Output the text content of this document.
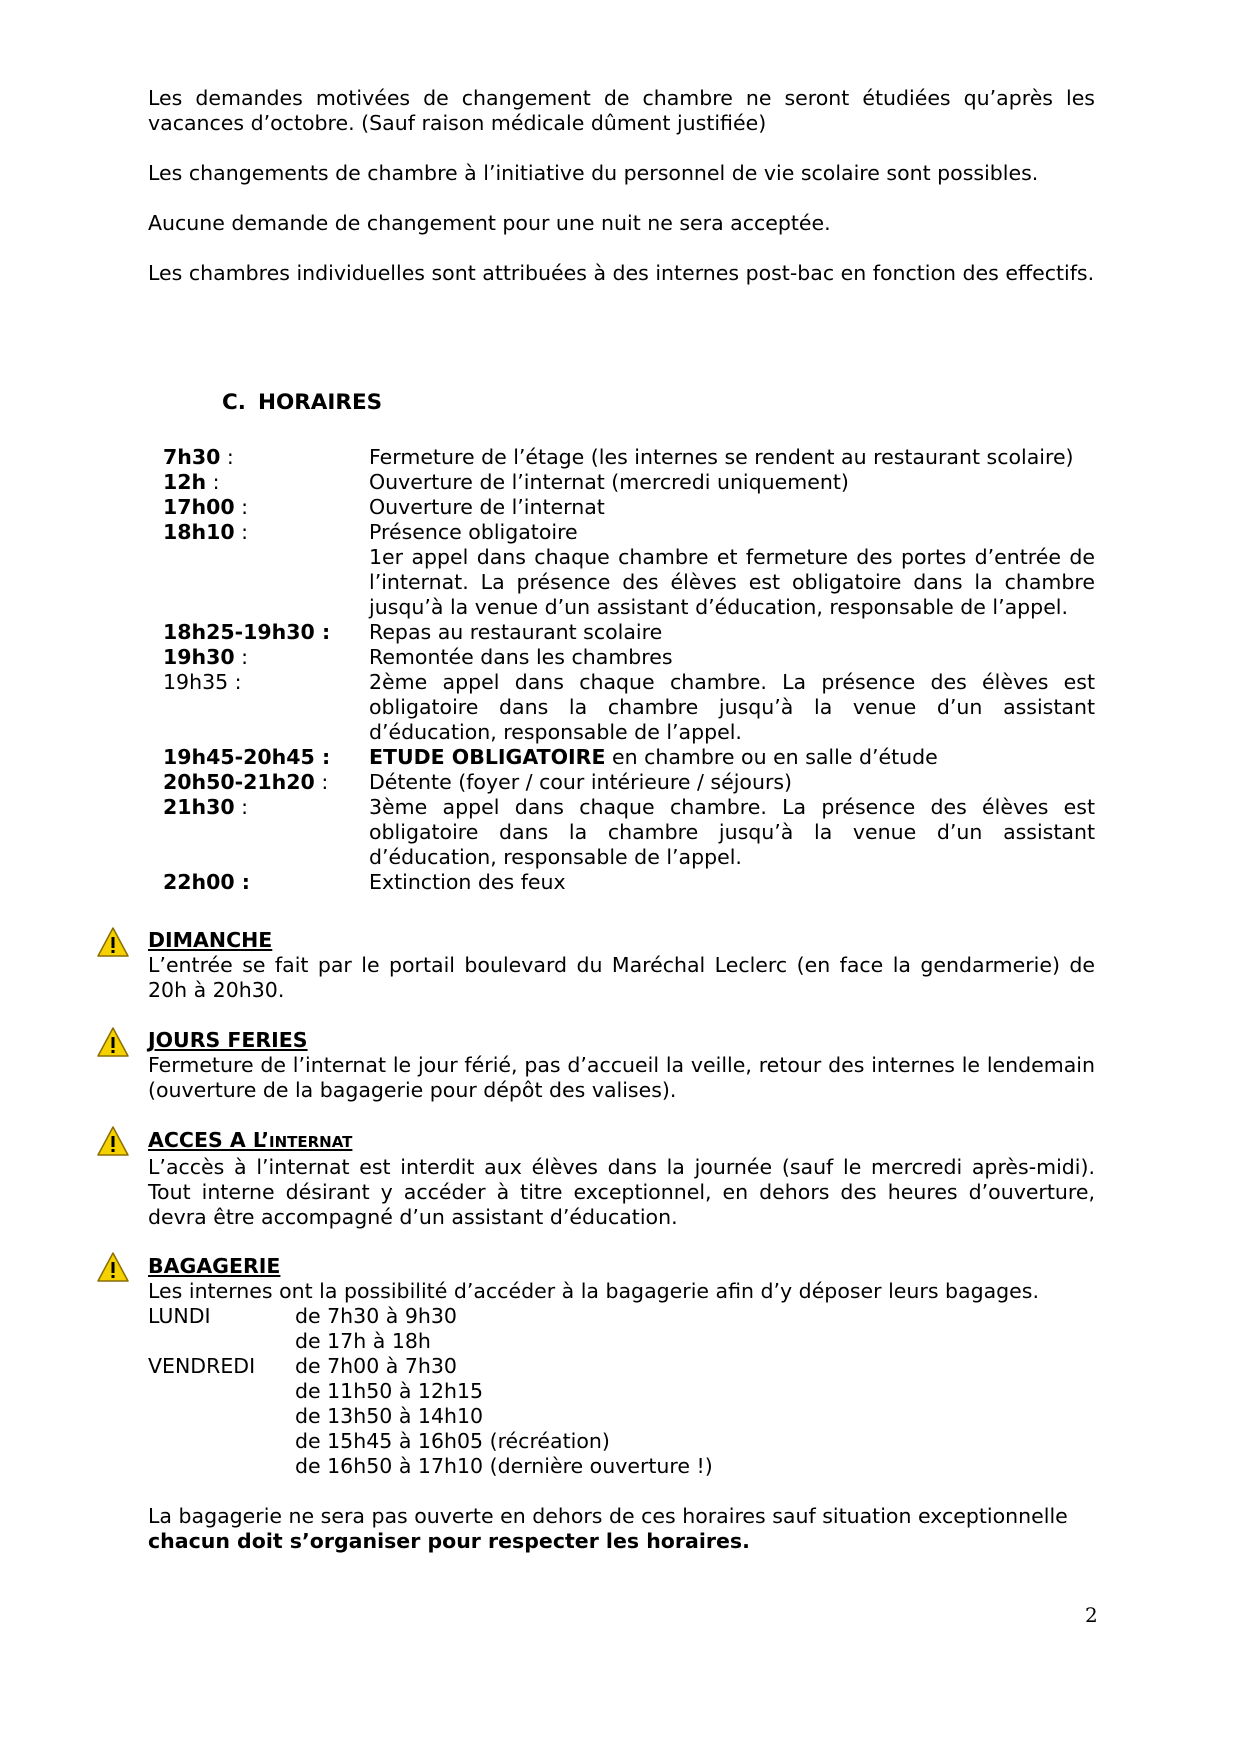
Les demandes motivées de changement de chambre ne seront étudiées qu’après les vacances d’octobre. (Sauf raison médicale dûment justifiée)

Les changements de chambre à l’initiative du personnel de vie scolaire sont possibles.

Aucune demande de changement pour une nuit ne sera acceptée.

Les chambres individuelles sont attribuées à des internes post-bac en fonction des effectifs.

C. HORAIRES
7h30 :	Fermeture de l’étage (les internes se rendent au restaurant scolaire)

12h :	Ouverture de l’internat (mercredi uniquement)

17h00 :	Ouverture de l’internat

18h10 :	Présence obligatoire

1er appel dans chaque chambre et fermeture des portes d’entrée de l’internat. La présence des élèves est obligatoire dans la chambre jusqu’à la venue d’un assistant d’éducation, responsable de l’appel.

18h25-19h30 :	Repas au restaurant scolaire

19h30 :	Remontée dans les chambres

19h35 :	2ème appel dans chaque chambre. La présence des élèves est obligatoire dans la chambre jusqu’à la venue d’un assistant d’éducation, responsable de l’appel.

19h45-20h45 :	ETUDE OBLIGATOIRE en chambre ou en salle d’étude

20h50-21h20 :	Détente (foyer / cour intérieure / séjours)

21h30 :	3ème appel dans chaque chambre. La présence des élèves est obligatoire dans la chambre jusqu’à la venue d’un assistant d’éducation, responsable de l’appel.

22h00 :	Extinction des feux

DIMANCHE

L’entrée se fait par le portail boulevard du Maréchal Leclerc (en face la gendarmerie) de 20h à 20h30.

JOURS FERIES

Fermeture de l’internat le jour férié, pas d’accueil la veille, retour des internes le lendemain (ouverture de la bagagerie pour dépôt des valises).

ACCES A L’INTERNAT

L’accès à l’internat est interdit aux élèves dans la journée (sauf le mercredi après-midi). Tout interne désirant y accéder à titre exceptionnel, en dehors des heures d’ouverture, devra être accompagné d’un assistant d’éducation.

BAGAGERIE

Les internes ont la possibilité d’accéder à la bagagerie afin d’y déposer leurs bagages.

LUNDI	de 7h30 à 9h30
de 17h à 18h
VENDREDI	de 7h00 à 7h30
de 11h50 à 12h15
de 13h50 à 14h10
de 15h45 à 16h05 (récréation)
de 16h50 à 17h10 (dernière ouverture !)

La bagagerie ne sera pas ouverte en dehors de ces horaires sauf situation exceptionnelle

chacun doit s’organiser pour respecter les horaires.

2
